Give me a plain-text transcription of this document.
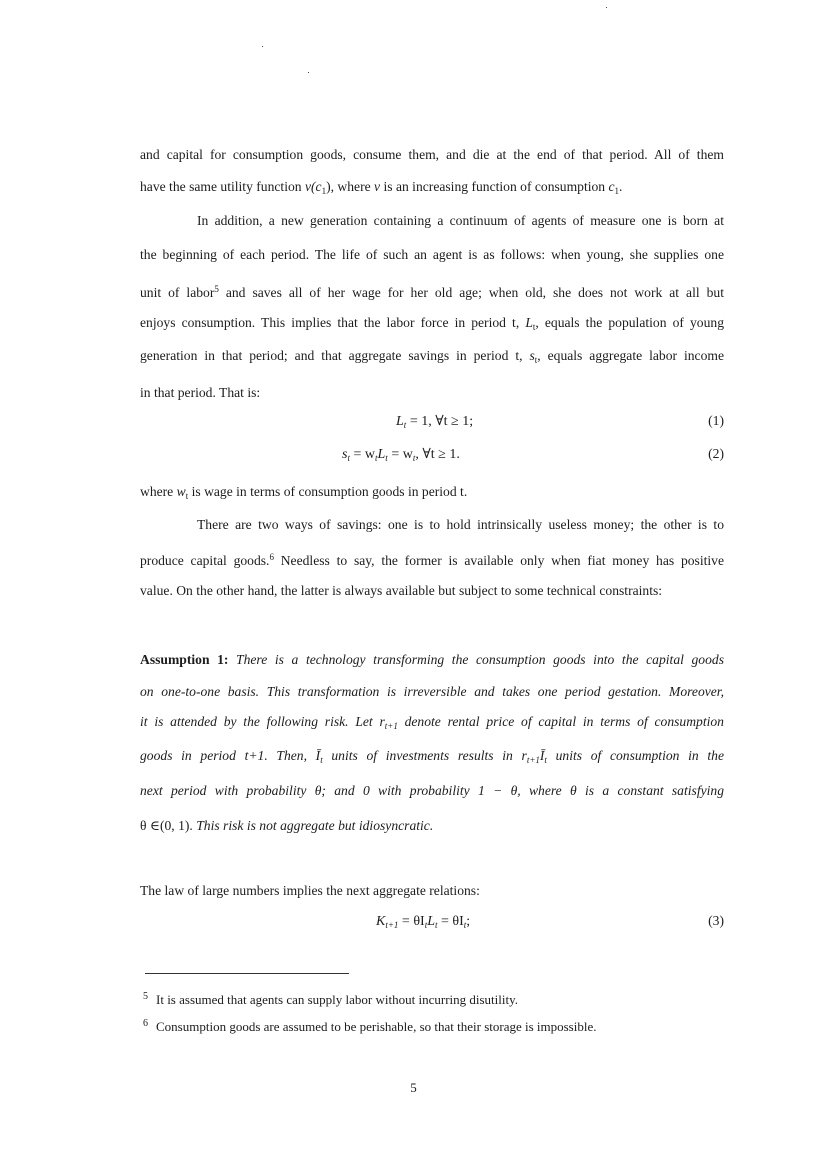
and capital for consumption goods, consume them, and die at the end of that period. All of them
have the same utility function $v(c_1)$, where v is an increasing function of consumption $c_1$.
In addition, a new generation containing a continuum of agents of measure one is born at
the beginning of each period. The life of such an agent is as follows: when young, she supplies one
unit of labor$^5$ and saves all of her wage for her old age; when old, she does not work at all but
enjoys consumption. This implies that the labor force in period t, $L_t$, equals the population of young
generation in that period; and that aggregate savings in period t, $s_t$, equals aggregate labor income
in that period. That is:
$L_t = 1$, ∀t ≥ 1;	(1)
$s_t = w_tL_t = w_t$, ∀t ≥ 1.	(2)
where $w_t$ is wage in terms of consumption goods in period t.
There are two ways of savings: one is to hold intrinsically useless money; the other is to
produce capital goods.$^6$ Needless to say, the former is available only when fiat money has positive
value. On the other hand, the latter is always available but subject to some technical constraints:
Assumption 1: There is a technology transforming the consumption goods into the capital goods
on one-to-one basis. This transformation is irreversible and takes one period gestation. Moreover,
it is attended by the following risk. Let $r_{t+1}$ denote rental price of capital in terms of consumption
goods in period t+1. Then, $Ī_t$ units of investments results in $r_{t+1}Ī_t$ units of consumption in the
next period with probability θ; and 0 with probability 1 − θ, where θ is a constant satisfying
θ ∈(0, 1). This risk is not aggregate but idiosyncratic.
The law of large numbers implies the next aggregate relations:
$K_{t+1} = \theta I_tL_t = \theta I_t$;	(3)
$^5$ It is assumed that agents can supply labor without incurring disutility.
$^6$ Consumption goods are assumed to be perishable, so that their storage is impossible.
5
